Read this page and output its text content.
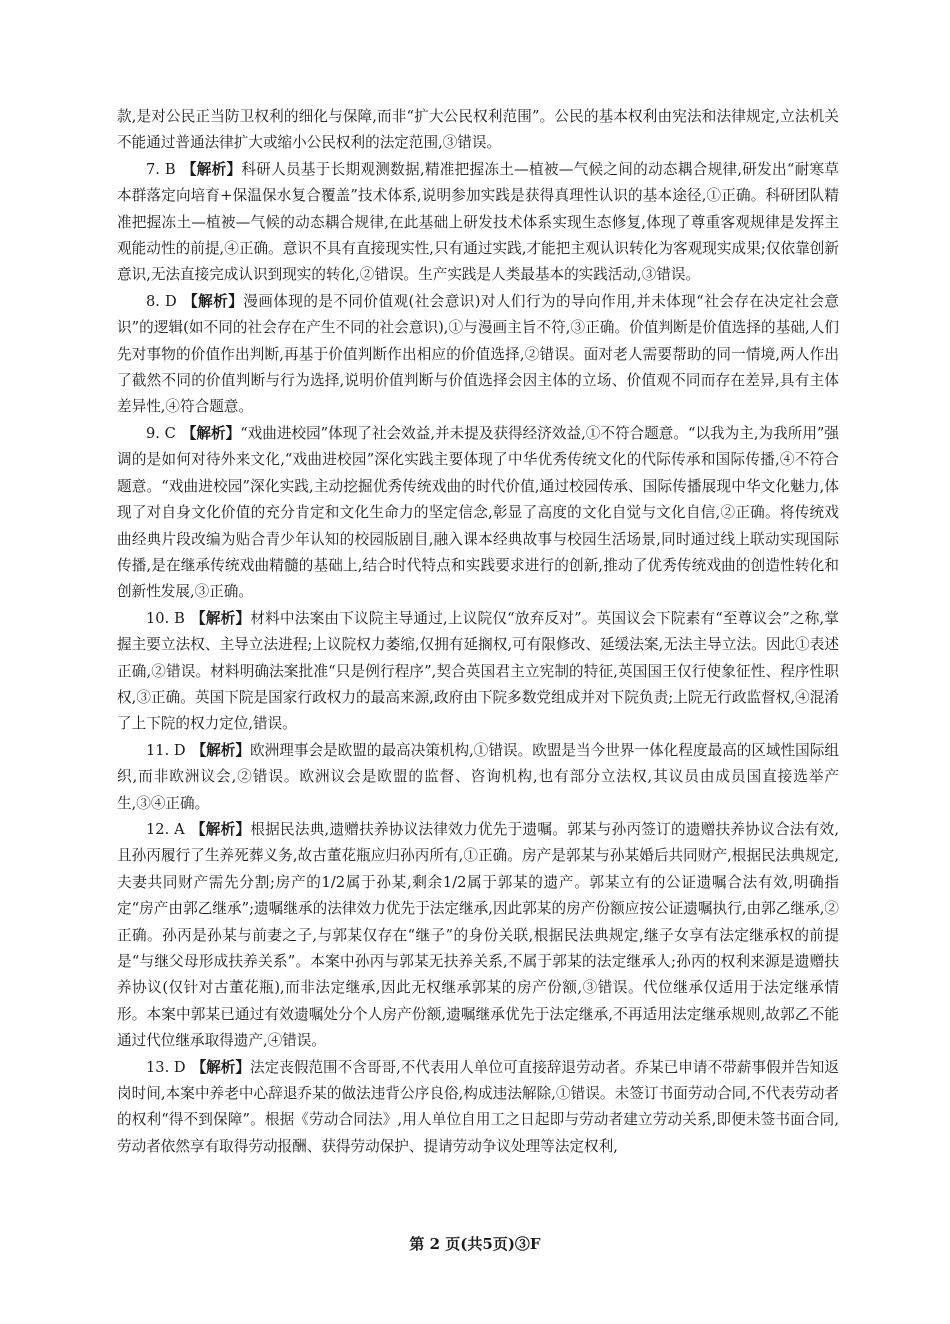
款,是对公民正当防卫权利的细化与保障,而非“扩大公民权利范围”。公民的基本权利由宪法和法律规定,立法机关不能通过普通法律扩大或缩小公民权利的法定范围,③错误。

7. B 【解析】科研人员基于长期观测数据,精准把握冻土—植被—气候之间的动态耦合规律,研发出“耐寒草本群落定向培育+保温保水复合覆盖”技术体系,说明参加实践是获得真理性认识的基本途径,①正确。科研团队精准把握冻土—植被—气候的动态耦合规律,在此基础上研发技术体系实现生态修复,体现了尊重客观规律是发挥主观能动性的前提,④正确。意识不具有直接现实性,只有通过实践,才能把主观认识转化为客观现实成果;仅依靠创新意识,无法直接完成认识到现实的转化,②错误。生产实践是人类最基本的实践活动,③错误。

8. D 【解析】漫画体现的是不同价值观(社会意识)对人们行为的导向作用,并未体现“社会存在决定社会意识”的逻辑(如不同的社会存在产生不同的社会意识),①与漫画主旨不符,③正确。价值判断是价值选择的基础,人们先对事物的价值作出判断,再基于价值判断作出相应的价值选择,②错误。面对老人需要帮助的同一情境,两人作出了截然不同的价值判断与行为选择,说明价值判断与价值选择会因主体的立场、价值观不同而存在差异,具有主体差异性,④符合题意。

9. C 【解析】“戏曲进校园”体现了社会效益,并未提及获得经济效益,①不符合题意。“以我为主,为我所用”强调的是如何对待外来文化,“戏曲进校园”深化实践主要体现了中华优秀传统文化的代际传承和国际传播,④不符合题意。“戏曲进校园”深化实践,主动挖掘优秀传统戏曲的时代价值,通过校园传承、国际传播展现中华文化魅力,体现了对自身文化价值的充分肯定和文化生命力的坚定信念,彰显了高度的文化自觉与文化自信,②正确。将传统戏曲经典片段改编为贴合青少年认知的校园版剧目,融入课本经典故事与校园生活场景,同时通过线上联动实现国际传播,是在继承传统戏曲精髓的基础上,结合时代特点和实践要求进行的创新,推动了优秀传统戏曲的创造性转化和创新性发展,③正确。

10. B 【解析】材料中法案由下议院主导通过,上议院仅“放弃反对”。英国议会下院素有“至尊议会”之称,掌握主要立法权、主导立法进程;上议院权力萎缩,仅拥有延搁权,可有限修改、延缓法案,无法主导立法。因此①表述正确,②错误。材料明确法案批准“只是例行程序”,契合英国君主立宪制的特征,英国国王仅行使象征性、程序性职权,③正确。英国下院是国家行政权力的最高来源,政府由下院多数党组成并对下院负责;上院无行政监督权,④混淆了上下院的权力定位,错误。

11. D 【解析】欧洲理事会是欧盟的最高决策机构,①错误。欧盟是当今世界一体化程度最高的区域性国际组织,而非欧洲议会,②错误。欧洲议会是欧盟的监督、咨询机构,也有部分立法权,其议员由成员国直接选举产生,③④正确。

12. A 【解析】根据民法典,遗赠扶养协议法律效力优先于遗嘱。郭某与孙丙签订的遗赠扶养协议合法有效,且孙丙履行了生养死葬义务,故古董花瓶应归孙丙所有,①正确。房产是郭某与孙某婚后共同财产,根据民法典规定,夫妻共同财产需先分割;房产的1/2属于孙某,剩余1/2属于郭某的遗产。郭某立有的公证遗嘱合法有效,明确指定“房产由郭乙继承”;遗嘱继承的法律效力优先于法定继承,因此郭某的房产份额应按公证遗嘱执行,由郭乙继承,②正确。孙丙是孙某与前妻之子,与郭某仅存在“继子”的身份关联,根据民法典规定,继子女享有法定继承权的前提是“与继父母形成扶养关系”。本案中孙丙与郭某无扶养关系,不属于郭某的法定继承人;孙丙的权利来源是遗赠扶养协议(仅针对古董花瓶),而非法定继承,因此无权继承郭某的房产份额,③错误。代位继承仅适用于法定继承情形。本案中郭某已通过有效遗嘱处分个人房产份额,遗嘱继承优先于法定继承,不再适用法定继承规则,故郭乙不能通过代位继承取得遗产,④错误。

13. D 【解析】法定丧假范围不含哥哥,不代表用人单位可直接辞退劳动者。乔某已申请不带薪事假并告知返岗时间,本案中养老中心辞退乔某的做法违背公序良俗,构成违法解除,①错误。未签订书面劳动合同,不代表劳动者的权利“得不到保障”。根据《劳动合同法》,用人单位自用工之日起即与劳动者建立劳动关系,即便未签书面合同,劳动者依然享有取得劳动报酬、获得劳动保护、提请劳动争议处理等法定权利,

第 2 页(共5页)③F
